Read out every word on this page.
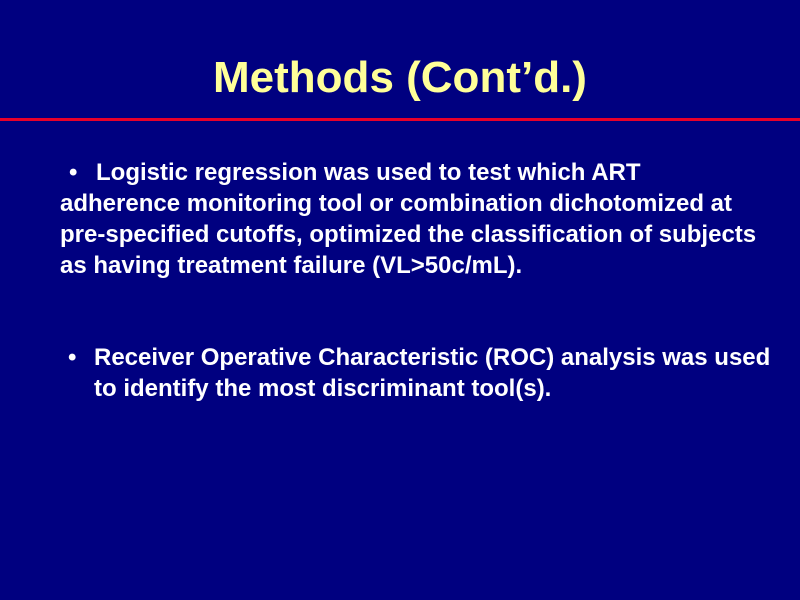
Methods (Cont’d.)

• Logistic regression was used to test which ART adherence monitoring tool or combination dichotomized at pre-specified cutoffs, optimized the classification of subjects as having treatment failure (VL>50c/mL).

• Receiver Operative Characteristic (ROC) analysis was used to identify the most discriminant tool(s).
